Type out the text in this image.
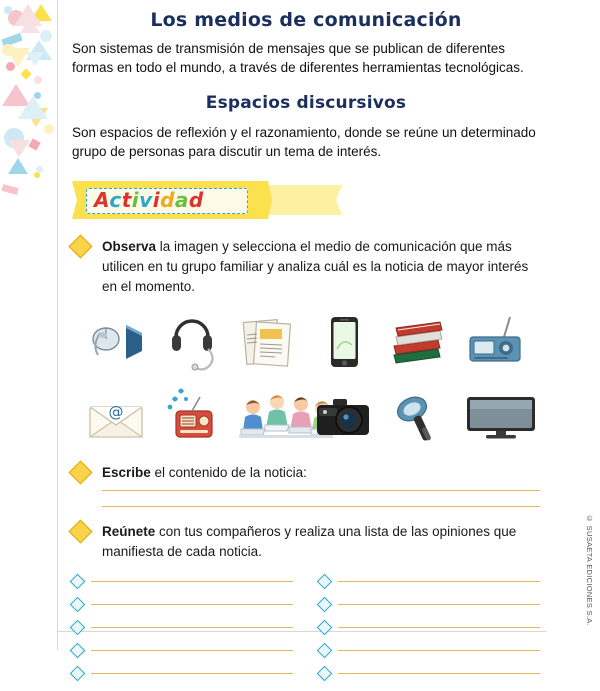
Los medios de comunicación

Son sistemas de transmisión de mensajes que se publican de diferentes formas en todo el mundo, a través de diferentes herramientas tecnológicas.

Espacios discursivos

Son espacios de reflexión y el razonamiento, donde se reúne un determinado grupo de personas para discutir un tema de interés.

Actividad

Observa la imagen y selecciona el medio de comunicación que más utilicen en tu grupo familiar y analiza cuál es la noticia de mayor interés en el momento.

@

Escribe el contenido de la noticia:

Reúnete con tus compañeros y realiza una lista de las opiniones que manifiesta de cada noticia.	© SUSAETA EDICIONES S.A.
